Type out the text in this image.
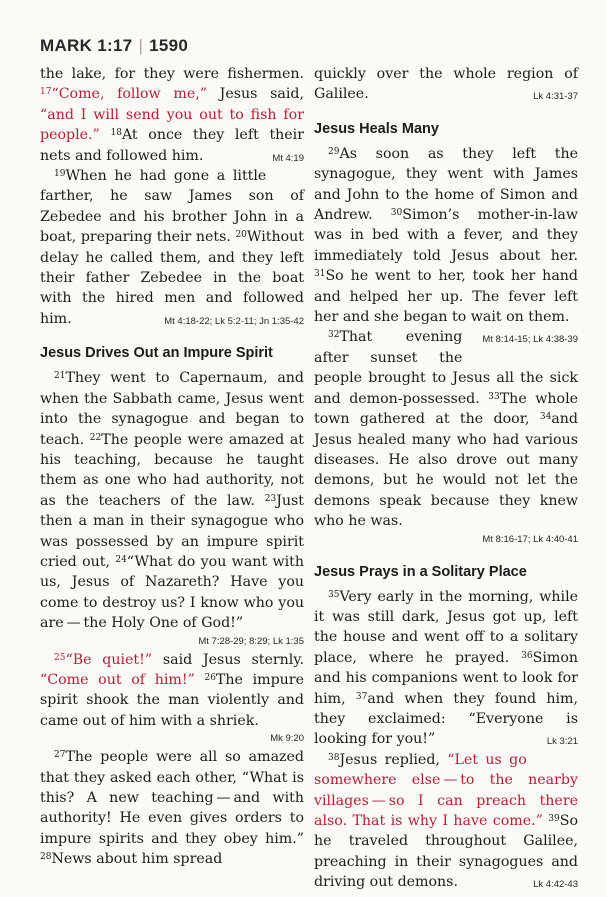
MARK 1:17 | 1590

the lake, for they were fishermen. $^{17}$“Come, follow me,” Jesus said, “and I will send you out to fish for people.” $^{18}$At once they left their nets and followed him.	Mt 4:19

$^{19}$When he had gone a little farther, he saw James son of Zebedee and his brother John in a boat, preparing their nets. $^{20}$Without delay he called them, and they left their father Zebedee in the boat with the hired men and followed him.	Mt 4:18-22; Lk 5:2-11; Jn 1:35-42

Jesus Drives Out an Impure Spirit

$^{21}$They went to Capernaum, and when the Sabbath came, Jesus went into the synagogue and began to teach. $^{22}$The people were amazed at his teaching, because he taught them as one who had authority, not as the teachers of the law. $^{23}$Just then a man in their synagogue who was possessed by an impure spirit cried out, $^{24}$“What do you want with us, Jesus of Nazareth? Have you come to destroy us? I know who you are — the Holy One of God!”

Mt 7:28-29; 8:29; Lk 1:35

$^{25}$“Be quiet!” said Jesus sternly. “Come out of him!” $^{26}$The impure spirit shook the man violently and came out of him with a shriek.

Mk 9:20

$^{27}$The people were all so amazed that they asked each other, “What is this? A new teaching — and with authority! He even gives orders to impure spirits and they obey him.” $^{28}$News about him spread

quickly over the whole region of Galilee.	Lk 4:31-37

Jesus Heals Many

$^{29}$As soon as they left the synagogue, they went with James and John to the home of Simon and Andrew. $^{30}$Simon’s mother-in-law was in bed with a fever, and they immediately told Jesus about her. $^{31}$So he went to her, took her hand and helped her up. The fever left her and she began to wait on them.
Mt 8:14-15; Lk 4:38-39

$^{32}$That evening after sunset the people brought to Jesus all the sick and demon-possessed. $^{33}$The whole town gathered at the door, $^{34}$and Jesus healed many who had various diseases. He also drove out many demons, but he would not let the demons speak because they knew who he was.

Mt 8:16-17; Lk 4:40-41
Jesus Prays in a Solitary Place

$^{35}$Very early in the morning, while it was still dark, Jesus got up, left the house and went off to a solitary place, where he prayed. $^{36}$Simon and his companions went to look for him, $^{37}$and when they found him, they exclaimed: “Everyone is looking for you!”	Lk 3:21

$^{38}$Jesus replied, “Let us go somewhere else — to the nearby villages — so I can preach there also. That is why I have come.” $^{39}$So he traveled throughout Galilee, preaching in their synagogues and driving out demons.	Lk 4:42-43
